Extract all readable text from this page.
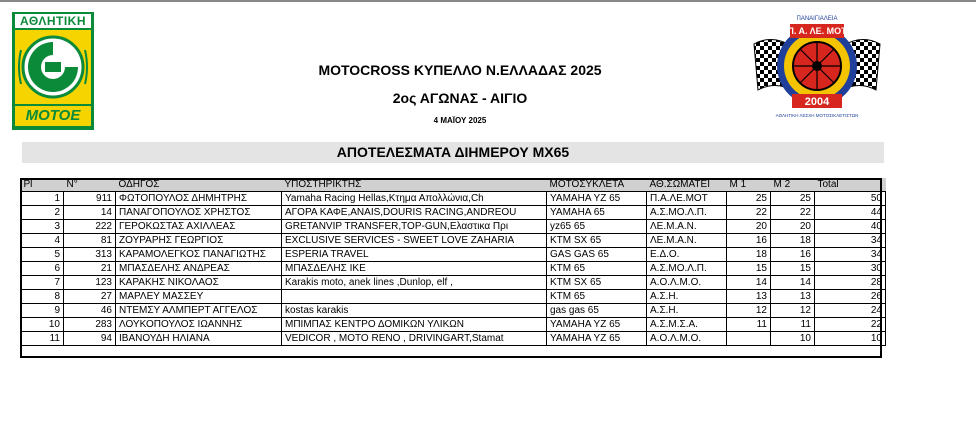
ΑΘΛΗΤΙΚΗ
MOTOE
ΠΑΝΑΙΓΙΑΛΕΙΑ
Π. Α. ΛΕ. ΜΟΤ
2004
ΑΘΛΗΤΙΚΗ ΛΕΣΧΗ ΜΟΤΟΣΙΚΛΕΤΙΣΤΩΝ
MOTOCROSS ΚΥΠΕΛΛΟ Ν.ΕΛΛΑΔΑΣ 2025
2ος ΑΓΩΝΑΣ - ΑΙΓΙΟ
4 ΜΑΪΟΥ 2025
ΑΠΟΤΕΛΕΣΜΑΤΑ ΔΙΗΜΕΡΟΥ MX65
Pl	N°	ΟΔΗΓΟΣ	ΥΠΟΣΤΗΡΙΚΤΗΣ	ΜΟΤΟΣΥΚΛΕΤΑ	ΑΘ.ΣΩΜΑΤΕΙ	Μ 1	Μ 2	Total
1	911	ΦΩΤΟΠΟΥΛΟΣ ΔΗΜΗΤΡΗΣ	Yamaha Racing Hellas,Κτημα Απολλώνια,Ch	YAMAHA YZ 65	Π.Α.ΛΕ.ΜΟΤ	25	25	50
2	14	ΠΑΝΑΓΟΠΟΥΛΟΣ ΧΡΗΣΤΟΣ	ΑΓΟΡΑ ΚΑΦΕ,ANAIS,DOURIS RACING,ANDREOU	YAMAHA 65	Α.Σ.ΜΟ.Λ.Π.	22	22	44
3	222	ΓΕΡΟΚΩΣΤΑΣ ΑΧΙΛΛΕΑΣ	GRETANVIP TRANSFER,TOP-GUN,Ελαστικα Πρι	yz65 65	ΛΕ.Μ.Α.Ν.	20	20	40
4	81	ΖΟΥΡΑΡΗΣ ΓΕΩΡΓΙΟΣ	EXCLUSIVE SERVICES - SWEET LOVE ZAHARIA	KTM SX 65	ΛΕ.Μ.Α.Ν.	16	18	34
5	313	ΚΑΡΑΜΟΛΕΓΚΟΣ ΠΑΝΑΓΙΩΤΗΣ	ESPERIA TRAVEL	GAS GAS 65	Ε.Δ.Ο.	18	16	34
6	21	ΜΠΑΣΔΕΛΗΣ ΑΝΔΡΕΑΣ	ΜΠΑΣΔΕΛΗΣ ΙΚΕ	KTM 65	Α.Σ.ΜΟ.Λ.Π.	15	15	30
7	123	ΚΑΡΑΚΗΣ ΝΙΚΟΛΑΟΣ	Karakis moto, anek lines ,Dunlop, elf ,	KTM SX 65	Α.Ο.Λ.Μ.Ο.	14	14	28
8	27	ΜΑΡΛΕΥ ΜΑΣΣΕΥ		KTM 65	Α.Σ.Η.	13	13	26
9	46	ΝΤΕΜΣΥ ΑΛΜΠΕΡΤ ΑΓΓΕΛΟΣ	kostas karakis	gas gas 65	Α.Σ.Η.	12	12	24
10	283	ΛΟΥΚΟΠΟΥΛΟΣ ΙΩΑΝΝΗΣ	ΜΠΙΜΠΑΣ ΚΕΝΤΡΟ ΔΟΜΙΚΩΝ ΥΛΙΚΩΝ	YAMAHA YZ 65	Α.Σ.Μ.Σ.Α.	11	11	22
11	94	ΙΒΑΝΟΥΔΗ ΗΛΙΑΝΑ	VEDICOR , MOTO RENO , DRIVINGART,Stamat	YAMAHA YZ 65	Α.Ο.Λ.Μ.Ο.		10	10
